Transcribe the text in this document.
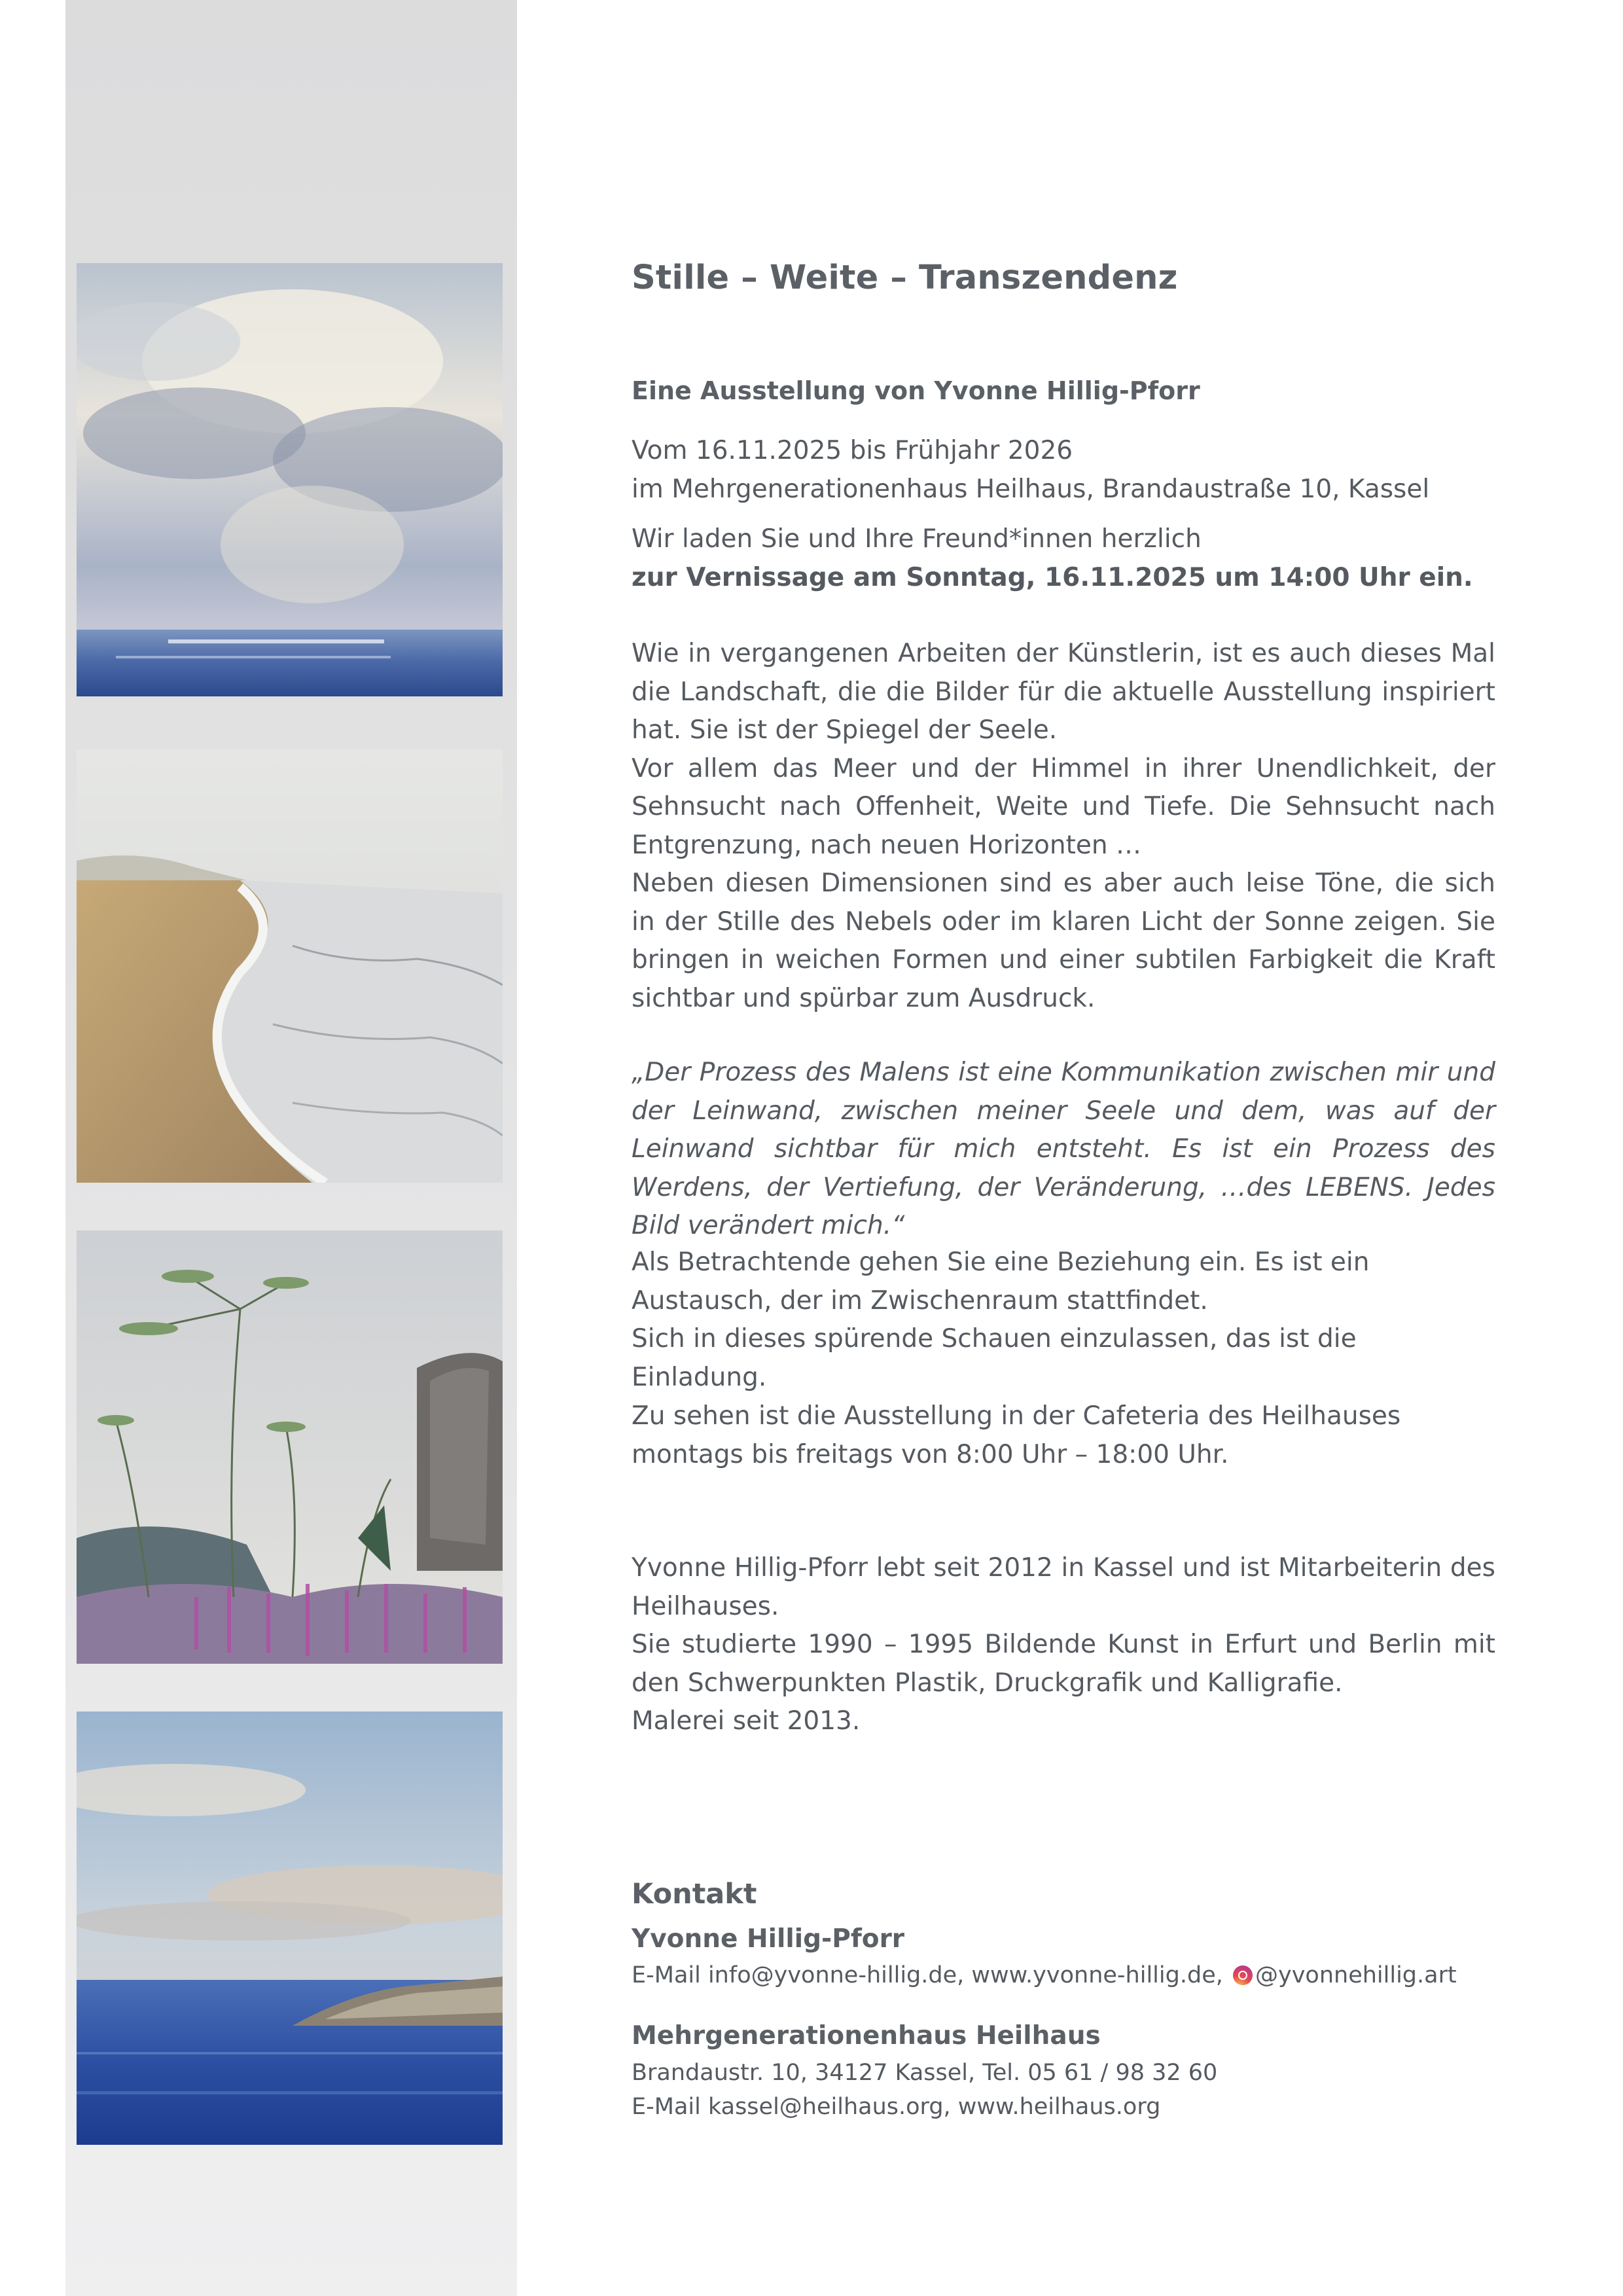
Stille – Weite – Transzendenz
Eine Ausstellung von Yvonne Hillig-Pforr

Vom 16.11.2025 bis Frühjahr 2026
im Mehrgenerationenhaus Heilhaus, Brandaustraße 10, Kassel

Wir laden Sie und Ihre Freund*innen herzlich
zur Vernissage am Sonntag, 16.11.2025 um 14:00 Uhr ein.

Wie in vergangenen Arbeiten der Künstlerin, ist es auch dieses Mal die Landschaft, die die Bilder für die aktuelle Ausstellung inspiriert hat. Sie ist der Spiegel der Seele.
Vor allem das Meer und der Himmel in ihrer Unendlichkeit, der Sehnsucht nach Offenheit, Weite und Tiefe. Die Sehnsucht nach Entgrenzung, nach neuen Horizonten …
Neben diesen Dimensionen sind es aber auch leise Töne, die sich in der Stille des Nebels oder im klaren Licht der Sonne zeigen. Sie bringen in weichen Formen und einer subtilen Farbigkeit die Kraft sichtbar und spürbar zum Ausdruck.

„Der Prozess des Malens ist eine Kommunikation zwischen mir und der Leinwand, zwischen meiner Seele und dem, was auf der Leinwand sichtbar für mich entsteht. Es ist ein Prozess des Werdens, der Vertiefung, der Veränderung, …des LEBENS. Jedes Bild verändert mich.“

Als Betrachtende gehen Sie eine Beziehung ein. Es ist ein Austausch, der im Zwischenraum stattfindet.
Sich in dieses spürende Schauen einzulassen, das ist die Einladung.

Zu sehen ist die Ausstellung in der Cafeteria des Heilhauses montags bis freitags von 8:00 Uhr – 18:00 Uhr.

Yvonne Hillig-Pforr lebt seit 2012 in Kassel und ist Mitarbeiterin des Heilhauses.
Sie studierte 1990 – 1995 Bildende Kunst in Erfurt und Berlin mit den Schwerpunkten Plastik, Druckgrafik und Kalligrafie.
Malerei seit 2013.

Kontakt
Yvonne Hillig-Pforr
E-Mail info@yvonne-hillig.de, www.yvonne-hillig.de, @yvonnehillig.art
Mehrgenerationenhaus Heilhaus
Brandaustr. 10, 34127 Kassel, Tel. 05 61 / 98 32 60
E-Mail kassel@heilhaus.org, www.heilhaus.org
